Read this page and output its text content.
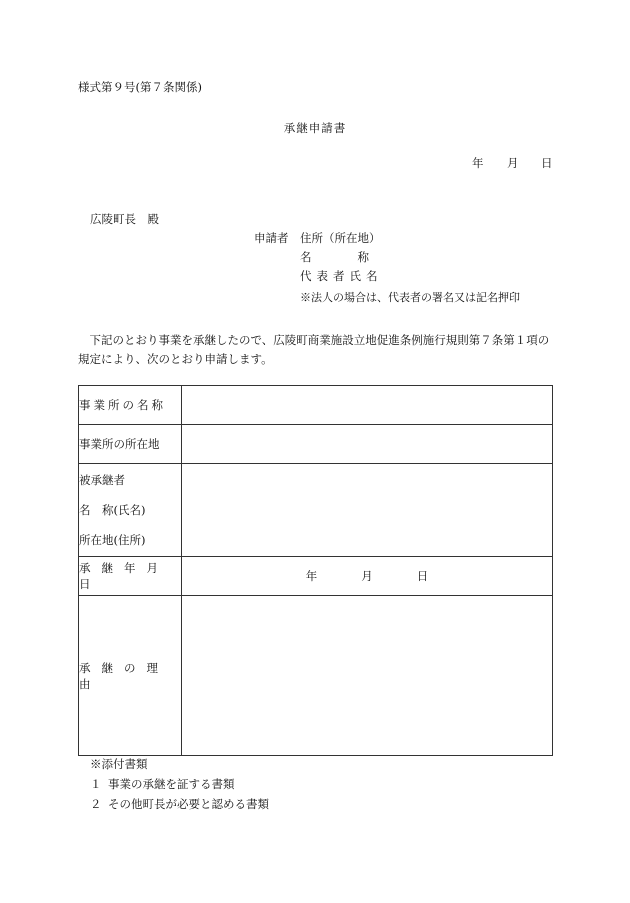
様式第９号(第７条関係)
承継申請書
年 月 日
広陵町長　殿
申請者 住所（所在地）
名　　　　称
代表者氏名
※法人の場合は、代表者の署名又は記名押印
下記のとおり事業を承継したので、広陵町商業施設立地促進条例施行規則第７条第１項の規定により、次のとおり申請します。
事業所の名称	

事業所の所在地	

被承継者
名　称(氏名)
所在地(住所)	

承継年月日	年 月 日

承継の理由	

※添付書類
１ 事業の承継を証する書類
２ その他町長が必要と認める書類
